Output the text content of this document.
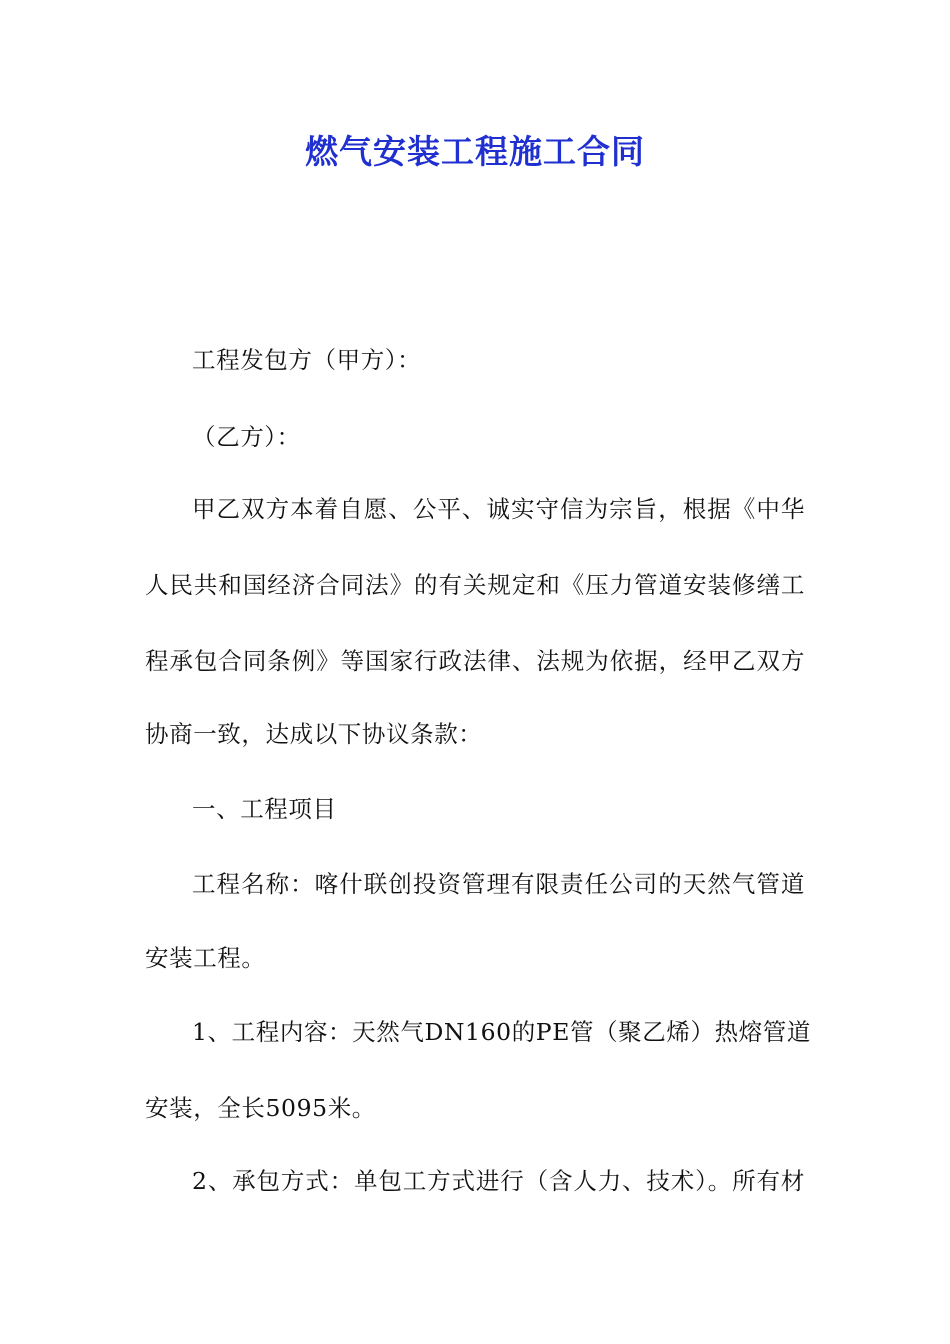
燃气安装工程施工合同
工程发包方（甲方）：
（乙方）：
甲乙双方本着自愿、公平、诚实守信为宗旨，根据《中华
人民共和国经济合同法》的有关规定和《压力管道安装修缮工
程承包合同条例》等国家行政法律、法规为依据，经甲乙双方
协商一致，达成以下协议条款：
一、工程项目
工程名称：喀什联创投资管理有限责任公司的天然气管道
安装工程。
1、工程内容：天然气DN160的PE管（聚乙烯）热熔管道
安装，全长5095米。
2、承包方式：单包工方式进行（含人力、技术）。所有材
